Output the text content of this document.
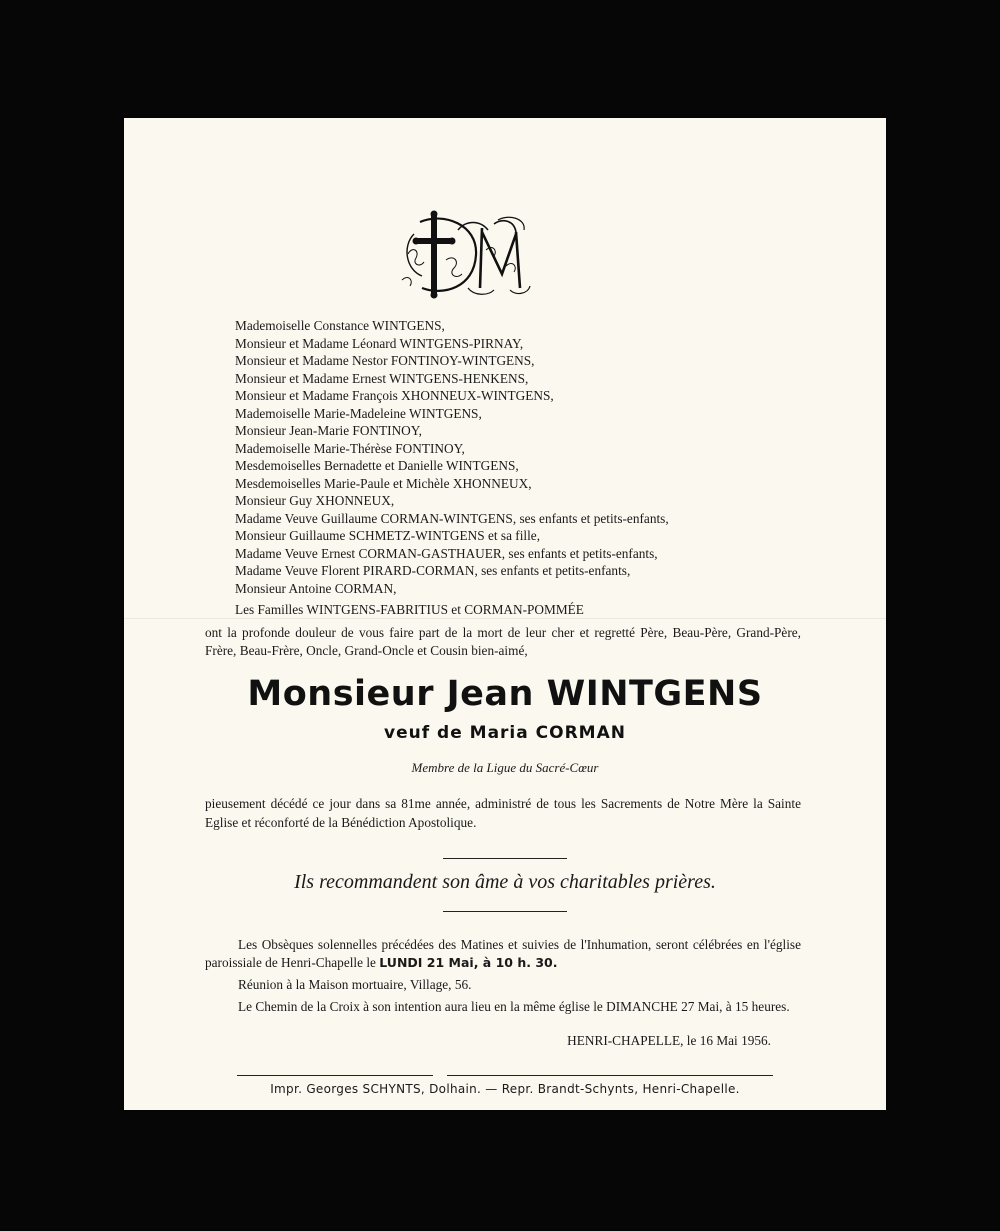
Mademoiselle Constance WINTGENS,
Monsieur et Madame Léonard WINTGENS-PIRNAY,
Monsieur et Madame Nestor FONTINOY-WINTGENS,
Monsieur et Madame Ernest WINTGENS-HENKENS,
Monsieur et Madame François XHONNEUX-WINTGENS,
Mademoiselle Marie-Madeleine WINTGENS,
Monsieur Jean-Marie FONTINOY,
Mademoiselle Marie-Thérèse FONTINOY,
Mesdemoiselles Bernadette et Danielle WINTGENS,
Mesdemoiselles Marie-Paule et Michèle XHONNEUX,
Monsieur Guy XHONNEUX,
Madame Veuve Guillaume CORMAN-WINTGENS, ses enfants et petits-enfants,
Monsieur Guillaume SCHMETZ-WINTGENS et sa fille,
Madame Veuve Ernest CORMAN-GASTHAUER, ses enfants et petits-enfants,
Madame Veuve Florent PIRARD-CORMAN, ses enfants et petits-enfants,
Monsieur Antoine CORMAN,
Les Familles WINTGENS-FABRITIUS et CORMAN-POMMÉE
ont la profonde douleur de vous faire part de la mort de leur cher et regretté Père, Beau-Père, Grand-Père, Frère, Beau-Frère, Oncle, Grand-Oncle et Cousin bien-aimé,
Monsieur Jean WINTGENS
veuf de Maria CORMAN
Membre de la Ligue du Sacré-Cœur
pieusement décédé ce jour dans sa 81me année, administré de tous les Sacrements de Notre Mère la Sainte Eglise et réconforté de la Bénédiction Apostolique.
Ils recommandent son âme à vos charitables prières.

Les Obsèques solennelles précédées des Matines et suivies de l'Inhumation, seront célébrées en l'église paroissiale de Henri-Chapelle le LUNDI 21 Mai, à 10 h. 30.

Réunion à la Maison mortuaire, Village, 56.

Le Chemin de la Croix à son intention aura lieu en la même église le DIMANCHE 27 Mai, à 15 heures.

HENRI-CHAPELLE, le 16 Mai 1956.
Impr. Georges SCHYNTS, Dolhain. — Repr. Brandt-Schynts, Henri-Chapelle.
